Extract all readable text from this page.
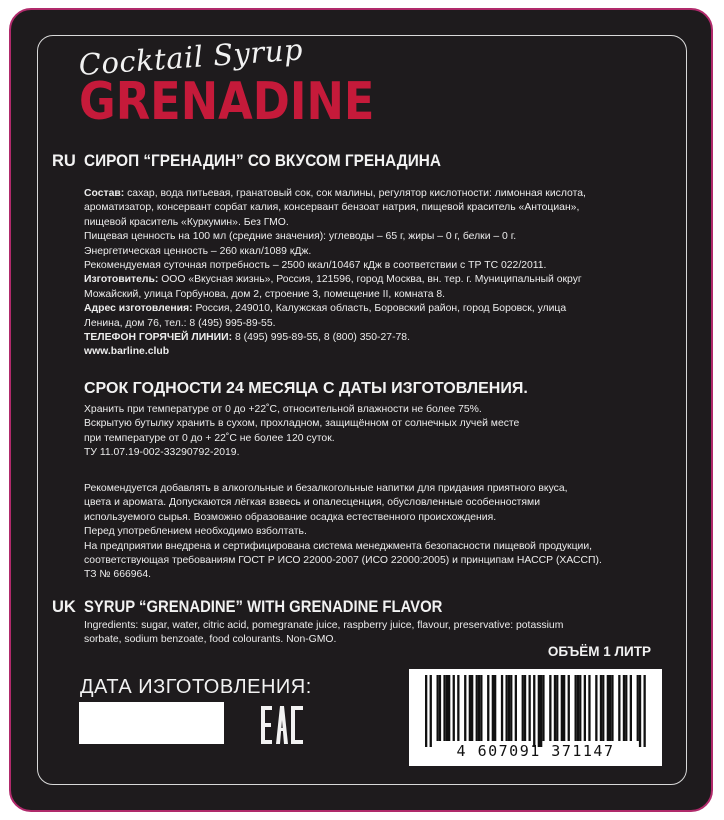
Cocktail Syrup
GRENADINE
RU СИРОП “ГРЕНАДИН” СО ВКУСОМ ГРЕНАДИНА
Состав: сахар, вода питьевая, гранатовый сок, сок малины, регулятор кислотности: лимонная кислота,
ароматизатор, консервант сорбат калия, консервант бензоат натрия, пищевой краситель «Антоциан»,
пищевой краситель «Куркумин». Без ГМО.
Пищевая ценность на 100 мл (средние значения): углеводы – 65 г, жиры – 0 г, белки – 0 г.
Энергетическая ценность – 260 ккал/1089 кДж.
Рекомендуемая суточная потребность – 2500 ккал/10467 кДж в соответствии с ТР ТС 022/2011.
Изготовитель: ООО «Вкусная жизнь», Россия, 121596, город Москва, вн. тер. г. Муниципальный округ
Можайский, улица Горбунова, дом 2, строение 3, помещение II, комната 8.
Адрес изготовления: Россия, 249010, Калужская область, Боровский район, город Боровск, улица
Ленина, дом 76, тел.: 8 (495) 995-89-55.
ТЕЛЕФОН ГОРЯЧЕЙ ЛИНИИ: 8 (495) 995-89-55, 8 (800) 350-27-78.
www.barline.club
СРОК ГОДНОСТИ 24 МЕСЯЦА С ДАТЫ ИЗГОТОВЛЕНИЯ.
Хранить при температуре от 0 до +22˚С, относительной влажности не более 75%.
Вскрытую бутылку хранить в сухом, прохладном, защищённом от солнечных лучей месте
при температуре от 0 до + 22˚С не более 120 суток.
ТУ 11.07.19-002-33290792-2019.
Рекомендуется добавлять в алкогольные и безалкогольные напитки для придания приятного вкуса,
цвета и аромата. Допускаются лёгкая взвесь и опалесценция, обусловленные особенностями
используемого сырья. Возможно образование осадка естественного происхождения.
Перед употреблением необходимо взболтать.
На предприятии внедрена и сертифицирована система менеджмента безопасности пищевой продукции,
соответствующая требованиям ГОСТ Р ИСО 22000-2007 (ИСО 22000:2005) и принципам НАССР (ХАССП).
ТЗ № 666964.
UK SYRUP “GRENADINE” WITH GRENADINE FLAVOR
Ingredients: sugar, water, citric acid, pomegranate juice, raspberry juice, flavour, preservative: potassium
sorbate, sodium benzoate, food colourants. Non-GMO.
ОБЪЁМ 1 ЛИТР
ДАТА ИЗГОТОВЛЕНИЯ:
4 607091 371147
